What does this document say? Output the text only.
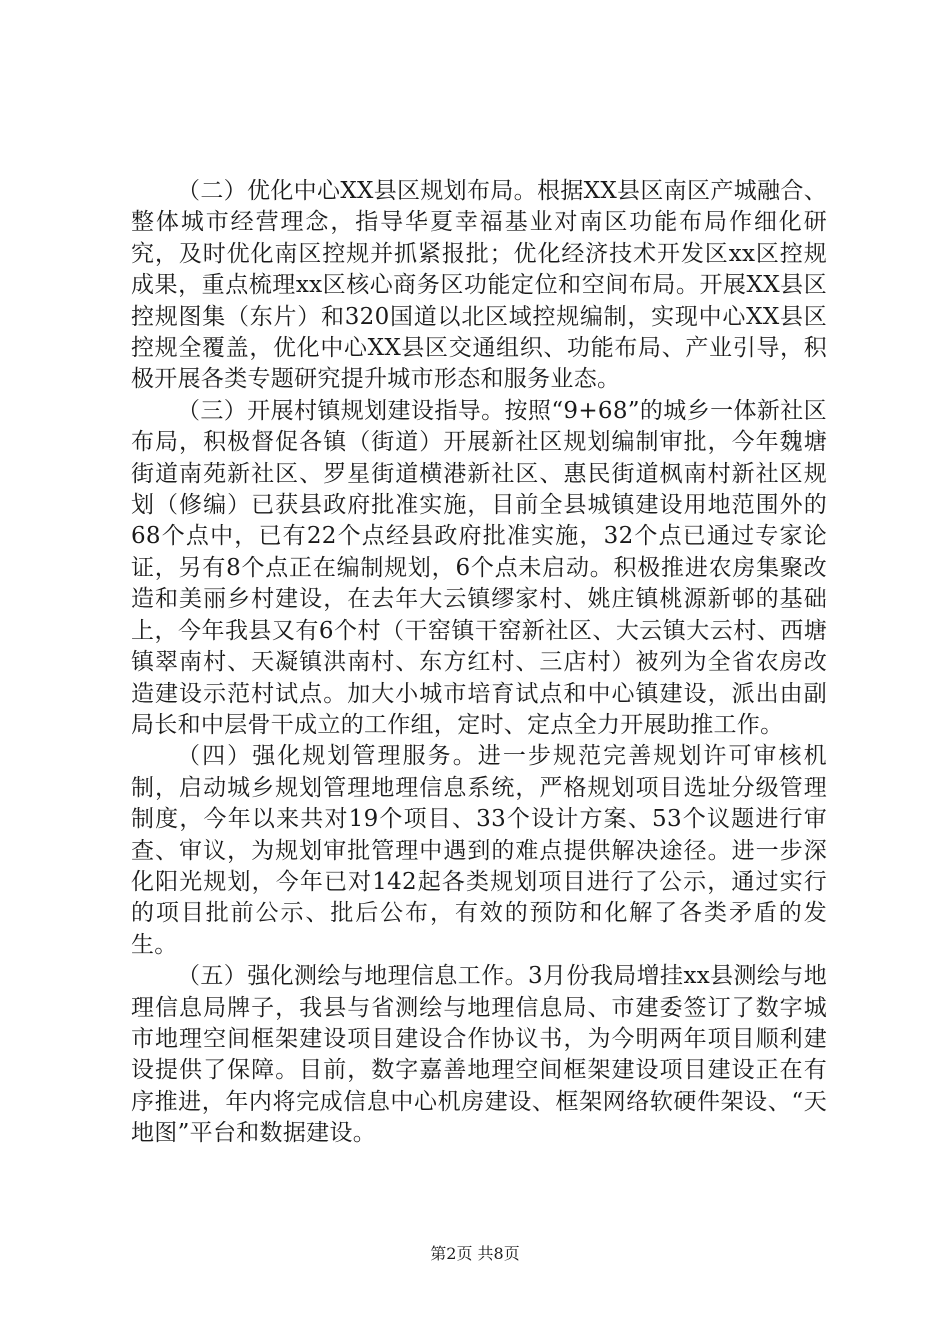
（二）优化中心XX县区规划布局。根据XX县区南区产城融合、整体城市经营理念，指导华夏幸福基业对南区功能布局作细化研究，及时优化南区控规并抓紧报批；优化经济技术开发区xx区控规成果，重点梳理xx区核心商务区功能定位和空间布局。开展XX县区控规图集（东片）和320国道以北区域控规编制，实现中心XX县区控规全覆盖，优化中心XX县区交通组织、功能布局、产业引导，积极开展各类专题研究提升城市形态和服务业态。

（三）开展村镇规划建设指导。按照“9+68”的城乡一体新社区布局，积极督促各镇（街道）开展新社区规划编制审批，今年魏塘街道南苑新社区、罗星街道横港新社区、惠民街道枫南村新社区规划（修编）已获县政府批准实施，目前全县城镇建设用地范围外的68个点中，已有22个点经县政府批准实施，32个点已通过专家论证，另有8个点正在编制规划，6个点未启动。积极推进农房集聚改造和美丽乡村建设，在去年大云镇缪家村、姚庄镇桃源新邨的基础上，今年我县又有6个村（干窑镇干窑新社区、大云镇大云村、西塘镇翠南村、天凝镇洪南村、东方红村、三店村）被列为全省农房改造建设示范村试点。加大小城市培育试点和中心镇建设，派出由副局长和中层骨干成立的工作组，定时、定点全力开展助推工作。

（四）强化规划管理服务。进一步规范完善规划许可审核机制，启动城乡规划管理地理信息系统，严格规划项目选址分级管理制度，今年以来共对19个项目、33个设计方案、53个议题进行审查、审议，为规划审批管理中遇到的难点提供解决途径。进一步深化阳光规划，今年已对142起各类规划项目进行了公示，通过实行的项目批前公示、批后公布，有效的预防和化解了各类矛盾的发生。

（五）强化测绘与地理信息工作。3月份我局增挂xx县测绘与地理信息局牌子，我县与省测绘与地理信息局、市建委签订了数字城市地理空间框架建设项目建设合作协议书，为今明两年项目顺利建设提供了保障。目前，数字嘉善地理空间框架建设项目建设正在有序推进，年内将完成信息中心机房建设、框架网络软硬件架设、“天地图”平台和数据建设。

第2页 共8页
